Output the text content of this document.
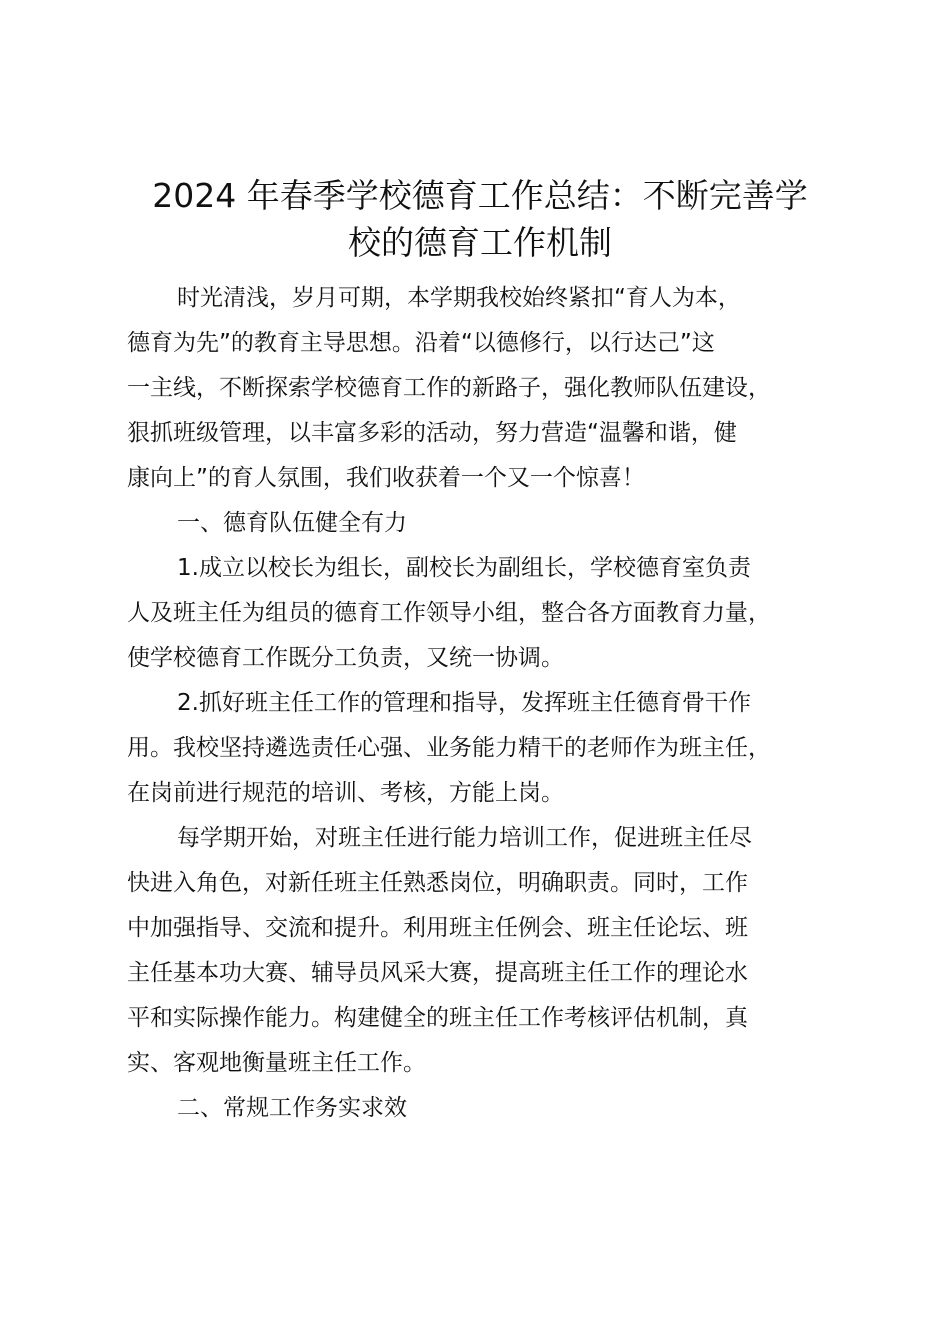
2024 年春季学校德育工作总结：不断完善学
校的德育工作机制

时光清浅，岁月可期，本学期我校始终紧扣“育人为本，
德育为先”的教育主导思想。沿着“以德修行，以行达己”这
一主线，不断探索学校德育工作的新路子，强化教师队伍建设，
狠抓班级管理，以丰富多彩的活动，努力营造“温馨和谐，健
康向上”的育人氛围，我们收获着一个又一个惊喜！

一、德育队伍健全有力

1.成立以校长为组长，副校长为副组长，学校德育室负责
人及班主任为组员的德育工作领导小组，整合各方面教育力量，
使学校德育工作既分工负责，又统一协调。

2.抓好班主任工作的管理和指导，发挥班主任德育骨干作
用。我校坚持遴选责任心强、业务能力精干的老师作为班主任，
在岗前进行规范的培训、考核，方能上岗。

每学期开始，对班主任进行能力培训工作，促进班主任尽
快进入角色，对新任班主任熟悉岗位，明确职责。同时，工作
中加强指导、交流和提升。利用班主任例会、班主任论坛、班
主任基本功大赛、辅导员风采大赛，提高班主任工作的理论水
平和实际操作能力。构建健全的班主任工作考核评估机制，真
实、客观地衡量班主任工作。

二、常规工作务实求效
